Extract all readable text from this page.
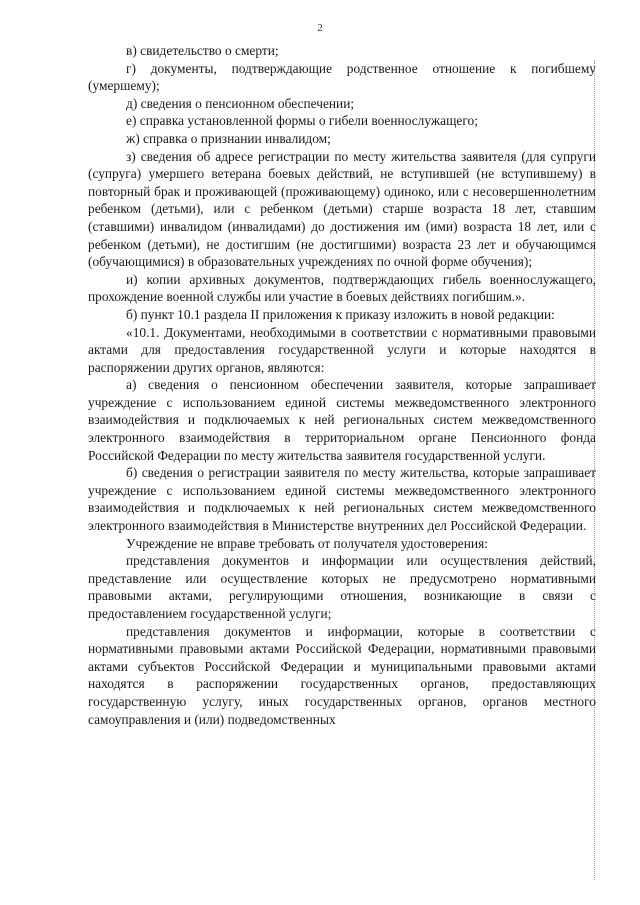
2

в) свидетельство о смерти;

г) документы, подтверждающие родственное отношение к погибшему (умершему);

д) сведения о пенсионном обеспечении;

е) справка установленной формы о гибели военнослужащего;

ж) справка о признании инвалидом;

з) сведения об адресе регистрации по месту жительства заявителя (для супруги (супруга) умершего ветерана боевых действий, не вступившей (не вступившему) в повторный брак и проживающей (проживающему) одиноко, или с несовершеннолетним ребенком (детьми), или с ребенком (детьми) старше возраста 18 лет, ставшим (ставшими) инвалидом (инвалидами) до достижения им (ими) возраста 18 лет, или с ребенком (детьми), не достигшим (не достигшими) возраста 23 лет и обучающимся (обучающимися) в образовательных учреждениях по очной форме обучения);

и) копии архивных документов, подтверждающих гибель военнослужащего, прохождение военной службы или участие в боевых действиях погибшим.».

б) пункт 10.1 раздела II приложения к приказу изложить в новой редакции:

«10.1. Документами, необходимыми в соответствии с нормативными правовыми актами для предоставления государственной услуги и которые находятся в распоряжении других органов, являются:

а) сведения о пенсионном обеспечении заявителя, которые запрашивает учреждение с использованием единой системы межведомственного электронного взаимодействия и подключаемых к ней региональных систем межведомственного электронного взаимодействия в территориальном органе Пенсионного фонда Российской Федерации по месту жительства заявителя государственной услуги.

б) сведения о регистрации заявителя по месту жительства, которые запрашивает учреждение с использованием единой системы межведомственного электронного взаимодействия и подключаемых к ней региональных систем межведомственного электронного взаимодействия в Министерстве внутренних дел Российской Федерации.

Учреждение не вправе требовать от получателя удостоверения:

представления документов и информации или осуществления действий, представление или осуществление которых не предусмотрено нормативными правовыми актами, регулирующими отношения, возникающие в связи с предоставлением государственной услуги;

представления документов и информации, которые в соответствии с нормативными правовыми актами Российской Федерации, нормативными правовыми актами субъектов Российской Федерации и муниципальными правовыми актами находятся в распоряжении государственных органов, предоставляющих государственную услугу, иных государственных органов, органов местного самоуправления и (или) подведомственных
